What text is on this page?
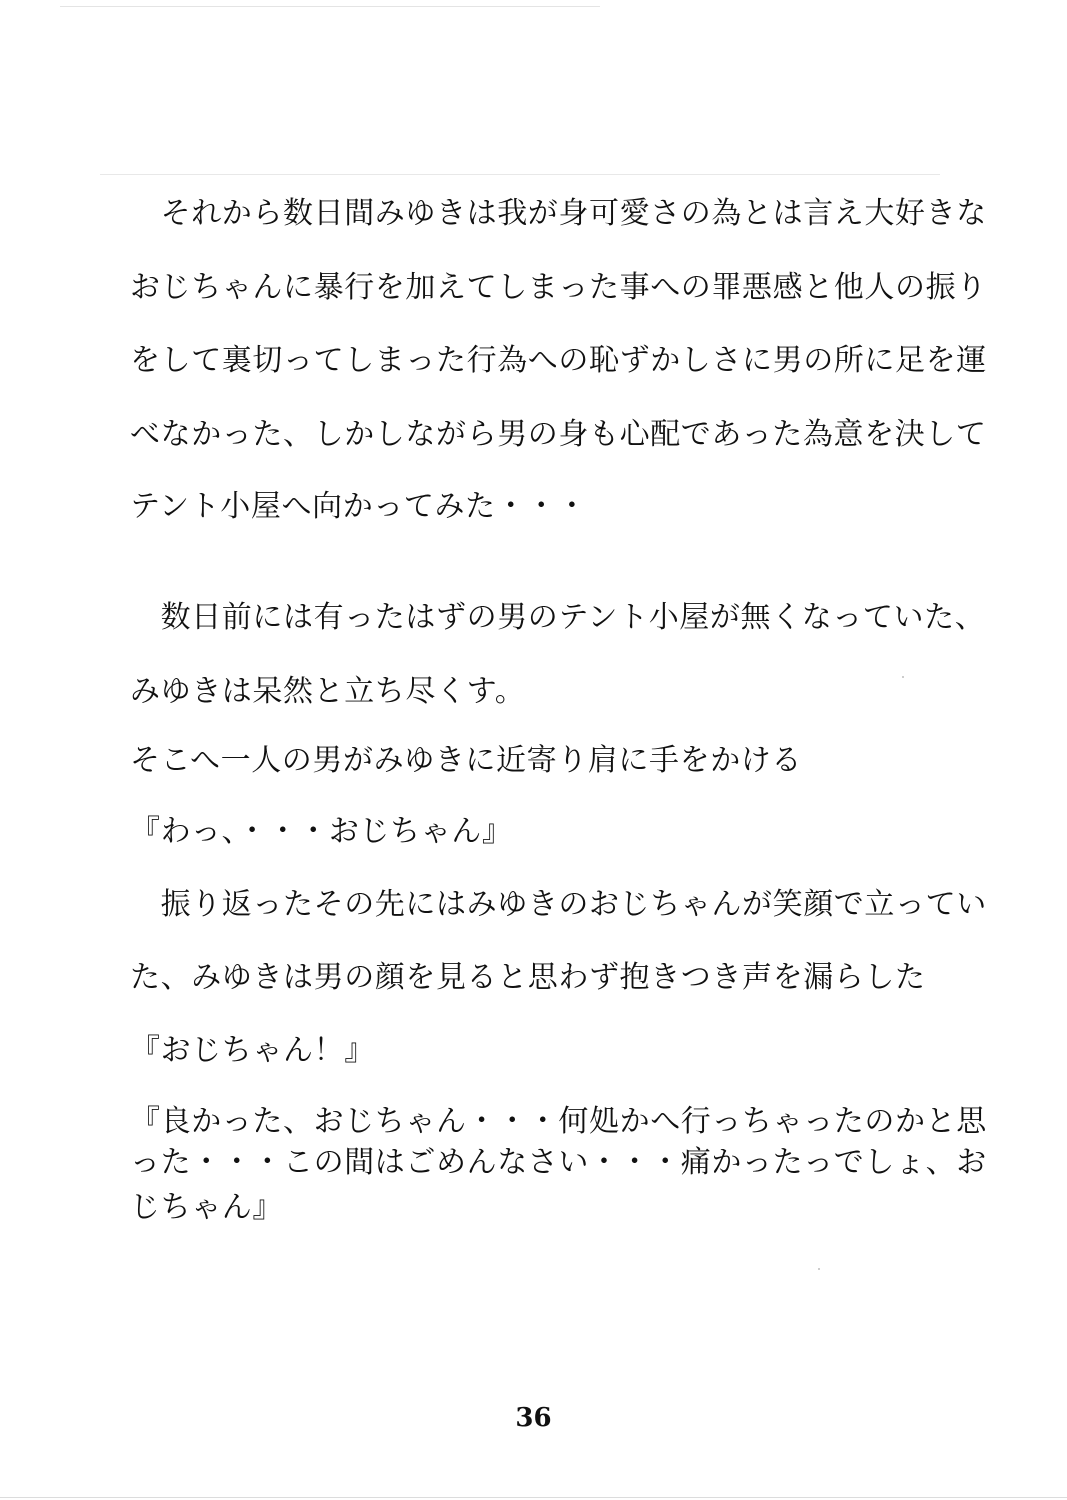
　それから数日間みゆきは我が身可愛さの為とは言え大好きな
おじちゃんに暴行を加えてしまった事への罪悪感と他人の振り
をして裏切ってしまった行為への恥ずかしさに男の所に足を運
べなかった、しかしながら男の身も心配であった為意を決して
テント小屋へ向かってみた・・・
　数日前には有ったはずの男のテント小屋が無くなっていた、
みゆきは呆然と立ち尽くす。
そこへ一人の男がみゆきに近寄り肩に手をかける
『わっ、・・・おじちゃん』
　振り返ったその先にはみゆきのおじちゃんが笑顔で立ってい
た、みゆきは男の顔を見ると思わず抱きつき声を漏らした
『おじちゃん！』
『良かった、おじちゃん・・・何処かへ行っちゃったのかと思
った・・・この間はごめんなさい・・・痛かったっでしょ、お
じちゃん』
36
